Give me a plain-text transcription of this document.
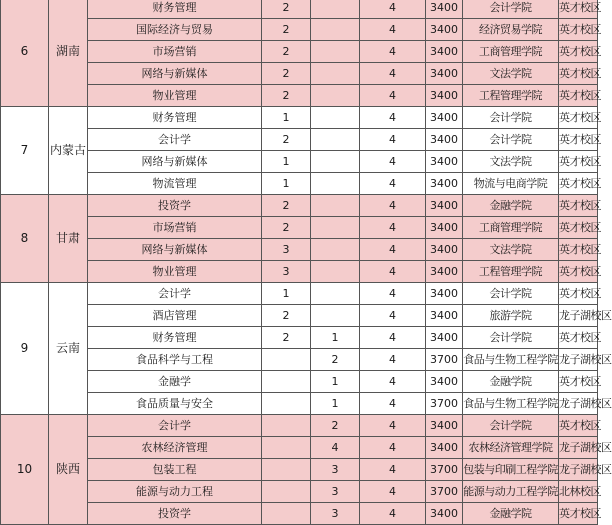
6	湖南	财务管理	2		4	3400	会计学院	英才校区
		国际经济与贸易	2		4	3400	经济贸易学院	英才校区
		市场营销	2		4	3400	工商管理学院	英才校区
		网络与新媒体	2		4	3400	文法学院	英才校区
		物业管理	2		4	3400	工程管理学院	英才校区
7	内蒙古	财务管理	1		4	3400	会计学院	英才校区
		会计学	2		4	3400	会计学院	英才校区
		网络与新媒体	1		4	3400	文法学院	英才校区
		物流管理	1		4	3400	物流与电商学院	英才校区
8	甘肃	投资学	2		4	3400	金融学院	英才校区
		市场营销	2		4	3400	工商管理学院	英才校区
		网络与新媒体	3		4	3400	文法学院	英才校区
		物业管理	3		4	3400	工程管理学院	英才校区
9	云南	会计学	1		4	3400	会计学院	英才校区
		酒店管理	2		4	3400	旅游学院	龙子湖校区
		财务管理	2	1	4	3400	会计学院	英才校区
		食品科学与工程		2	4	3700	食品与生物工程学院	龙子湖校区
		金融学		1	4	3400	金融学院	英才校区
		食品质量与安全		1	4	3700	食品与生物工程学院	龙子湖校区
10	陕西	会计学		2	4	3400	会计学院	英才校区
		农林经济管理		4	4	3400	农林经济管理学院	龙子湖校区
		包装工程		3	4	3700	包装与印刷工程学院	龙子湖校区
		能源与动力工程		3	4	3700	能源与动力工程学院	北林校区
		投资学		3	4	3400	金融学院	英才校区
